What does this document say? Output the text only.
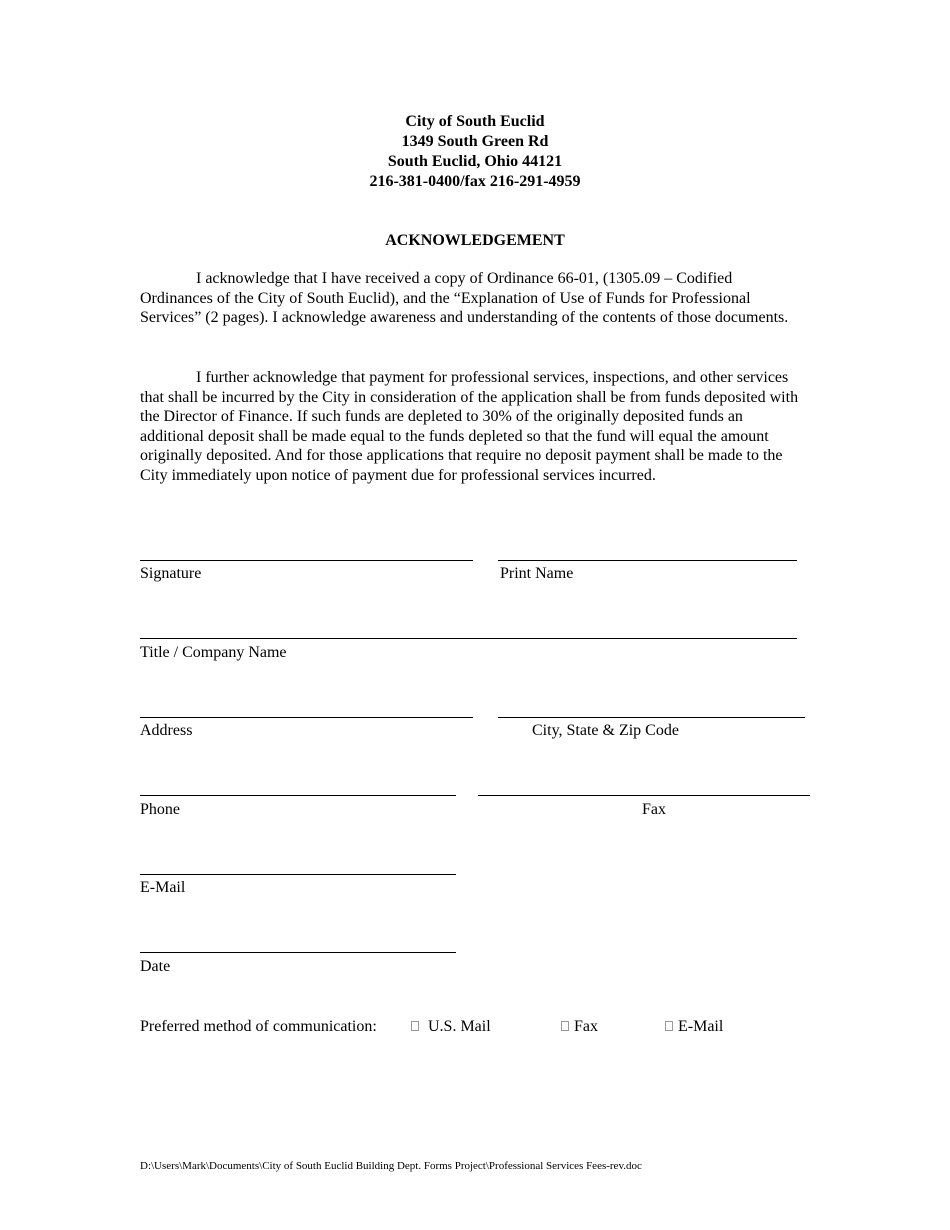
City of South Euclid
1349 South Green Rd
South Euclid, Ohio 44121
216-381-0400/fax 216-291-4959
ACKNOWLEDGEMENT

I acknowledge that I have received a copy of Ordinance 66-01, (1305.09 – Codified Ordinances of the City of South Euclid), and the “Explanation of Use of Funds for Professional Services” (2 pages). I acknowledge awareness and understanding of the contents of those documents.

I further acknowledge that payment for professional services, inspections, and other services that shall be incurred by the City in consideration of the application shall be from funds deposited with the Director of Finance. If such funds are depleted to 30% of the originally deposited funds an additional deposit shall be made equal to the funds depleted so that the fund will equal the amount originally deposited. And for those applications that require no deposit payment shall be made to the City immediately upon notice of payment due for professional services incurred.

Signature	Print Name
Title / Company Name
Address	City, State & Zip Code
Phone	Fax
E-Mail
Date
Preferred method of communication:	U.S. Mail	Fax	E-Mail
D:\Users\Mark\Documents\City of South Euclid Building Dept. Forms Project\Professional Services Fees-rev.doc
